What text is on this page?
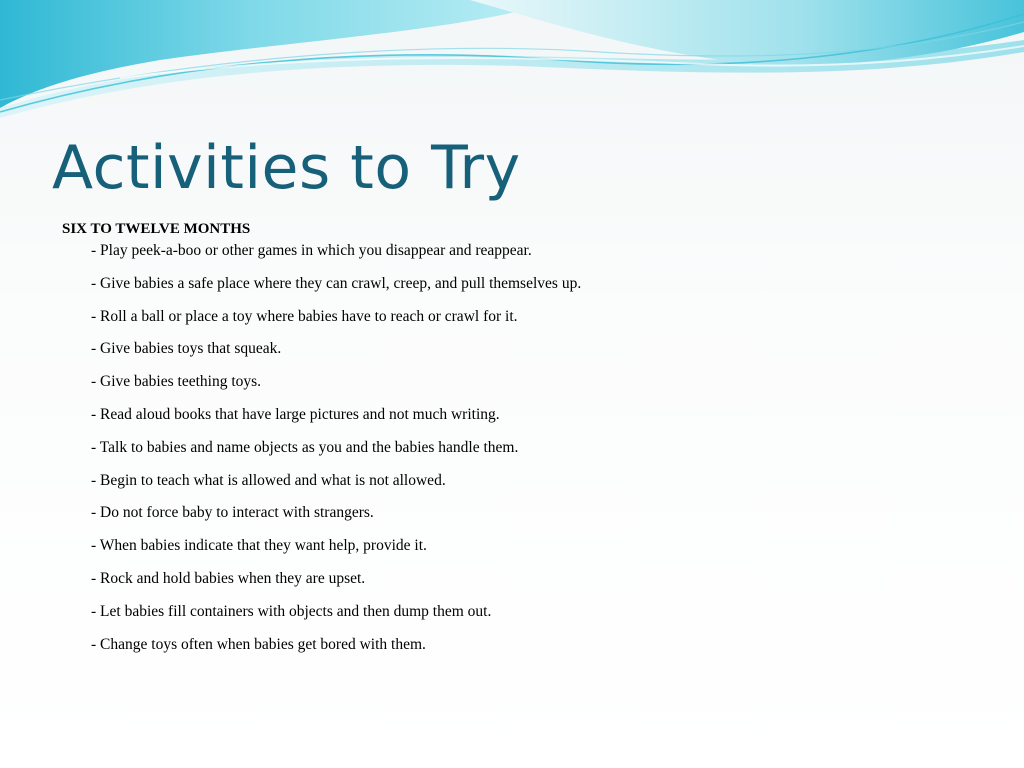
Activities to Try

SIX TO TWELVE MONTHS

- Play peek-a-boo or other games in which you disappear and reappear.
- Give babies a safe place where they can crawl, creep, and pull themselves up.
- Roll a ball or place a toy where babies have to reach or crawl for it.
- Give babies toys that squeak.
- Give babies teething toys.
- Read aloud books that have large pictures and not much writing.
- Talk to babies and name objects as you and the babies handle them.
- Begin to teach what is allowed and what is not allowed.
- Do not force baby to interact with strangers.
- When babies indicate that they want help, provide it.
- Rock and hold babies when they are upset.
- Let babies fill containers with objects and then dump them out.
- Change toys often when babies get bored with them.
